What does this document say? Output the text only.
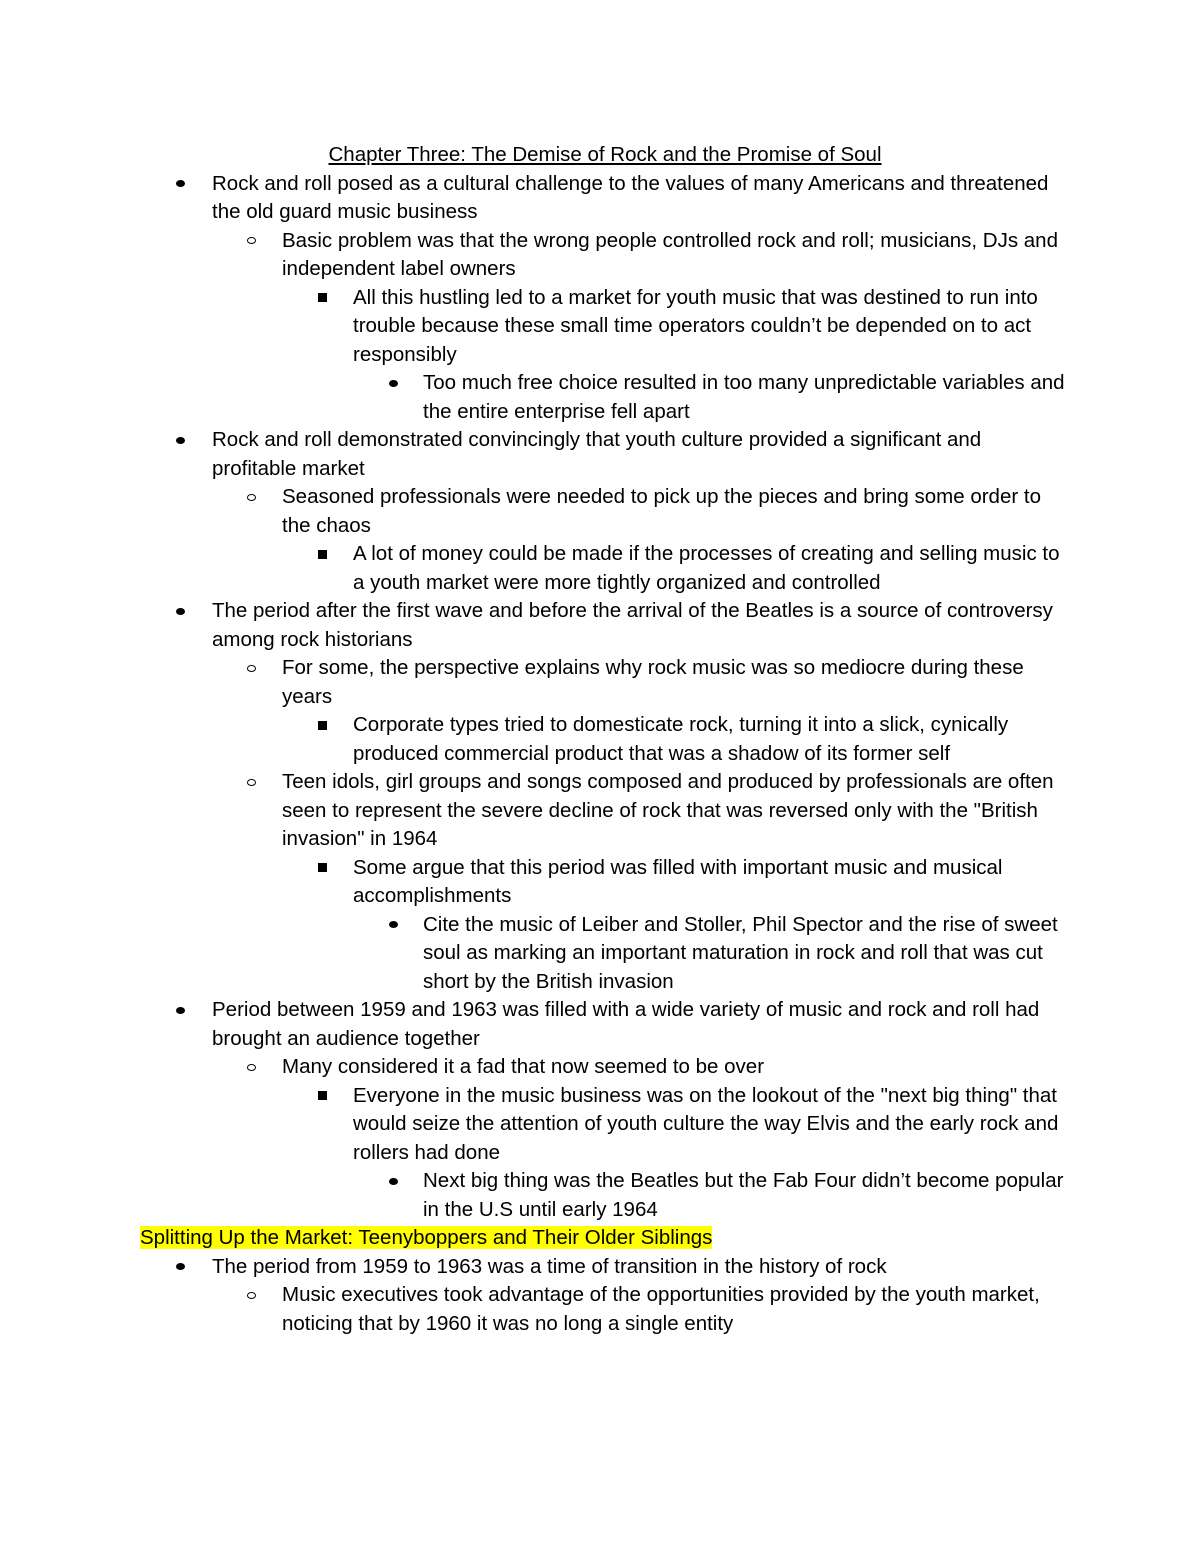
Chapter Three: The Demise of Rock and the Promise of Soul
Rock and roll posed as a cultural challenge to the values of many Americans and threatened the old guard music business
Basic problem was that the wrong people controlled rock and roll; musicians, DJs and independent label owners
All this hustling led to a market for youth music that was destined to run into trouble because these small time operators couldn’t be depended on to act responsibly
Too much free choice resulted in too many unpredictable variables and the entire enterprise fell apart
Rock and roll demonstrated convincingly that youth culture provided a significant and profitable market
Seasoned professionals were needed to pick up the pieces and bring some order to the chaos
A lot of money could be made if the processes of creating and selling music to a youth market were more tightly organized and controlled
The period after the first wave and before the arrival of the Beatles is a source of controversy among rock historians
For some, the perspective explains why rock music was so mediocre during these years
Corporate types tried to domesticate rock, turning it into a slick, cynically produced commercial product that was a shadow of its former self
Teen idols, girl groups and songs composed and produced by professionals are often seen to represent the severe decline of rock that was reversed only with the "British invasion" in 1964
Some argue that this period was filled with important music and musical accomplishments
Cite the music of Leiber and Stoller, Phil Spector and the rise of sweet soul as marking an important maturation in rock and roll that was cut short by the British invasion
Period between 1959 and 1963 was filled with a wide variety of music and rock and roll had brought an audience together
Many considered it a fad that now seemed to be over
Everyone in the music business was on the lookout of the "next big thing" that would seize the attention of youth culture the way Elvis and the early rock and rollers had done
Next big thing was the Beatles but the Fab Four didn’t become popular in the U.S until early 1964
Splitting Up the Market: Teenyboppers and Their Older Siblings
The period from 1959 to 1963 was a time of transition in the history of rock
Music executives took advantage of the opportunities provided by the youth market, noticing that by 1960 it was no long a single entity
